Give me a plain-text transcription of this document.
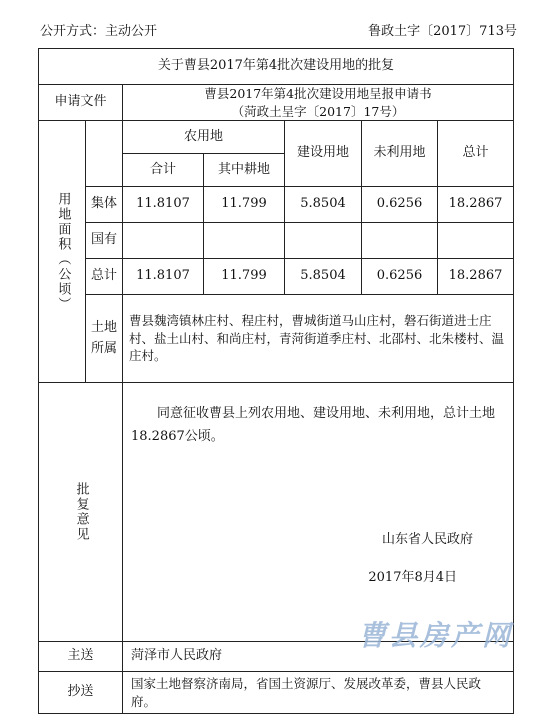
公开方式：主动公开	鲁政土字〔2017〕713号
关于曹县2017年第4批次建设用地的批复						
申请文件		曹县2017年第4批次建设用地呈报申请书
（菏政土呈字〔2017〕17号）				

用地面积（公顷）		农用地		建设用地	未利用地	总计
		合计	其中耕地			
	集体	11.8107	11.799	5.8504	0.6256	18.2867
	国有					
	总计	11.8107	11.799	5.8504	0.6256	18.2867

	土地所属	曹县魏湾镇林庄村、程庄村，曹城街道马山庄村，磐石街道进士庄村、盐土山村、和尚庄村，青菏街道季庄村、北邵村、北朱楼村、温庄村。				

批复意见		同意征收曹县上列农用地、建设用地、未利用地，总计土地18.2867公顷。
山东省人民政府
2017年8月4日				

主送		菏泽市人民政府				
抄送		国家土地督察济南局，省国土资源厅、发展改革委，曹县人民政府。				
曹县房产网
